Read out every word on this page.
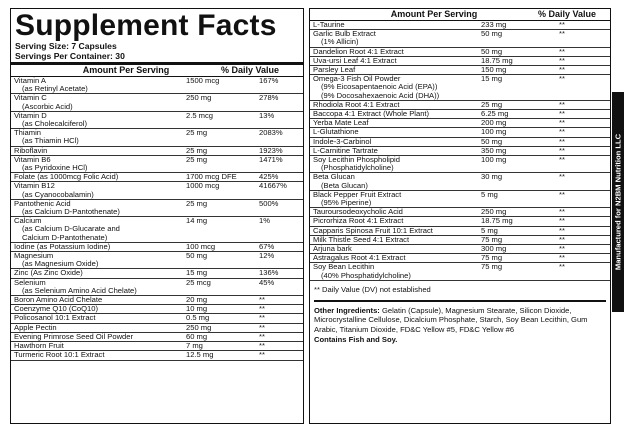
Supplement Facts
Serving Size: 7 Capsules
Servings Per Container: 30
Amount Per Serving	% Daily Value
Vitamin A
(as Retinyl Acetate)
1500 mcg	167%
Vitamin C
(Ascorbic Acid)
250 mg	278%
Vitamin D
(as Cholecalciferol)
2.5 mcg	13%
Thiamin
(as Thiamin HCl)
25 mg	2083%
Riboflavin	25 mg	1923%
Vitamin B6
(as Pyridoxine HCl)
25 mg	1471%
Folate (as 1000mcg Folic Acid)	1700 mcg DFE	425%
Vitamin B12
(as Cyanocobalamin)
1000 mcg	41667%
Pantothenic Acid
(as Calcium D-Pantothenate)
25 mg	500%
Calcium
(as Calcium D-Glucarate and
Calcium D-Pantothenate)
14 mg	1%
Iodine (as Potassium Iodine)	100 mcg	67%
Magnesium
(as Magnesium Oxide)
50 mg	12%
Zinc (As Zinc Oxide)	15 mg	136%
Selenium
(as Selenium Amino Acid Chelate)
25 mcg	45%
Boron Amino Acid Chelate	20 mg	**
Coenzyme Q10 (CoQ10)	10 mg	**
Policosanol 10:1 Extract	0.5 mg	**
Apple Pectin	250 mg	**
Evening Primrose Seed Oil Powder	60 mg	**
Hawthorn Fruit	7 mg	**
Turmeric Root 10:1 Extract	12.5 mg	**
Amount Per Serving	% Daily Value
L-Taurine	233 mg	**
Garlic Bulb Extract
(1% Allicin)
50 mg	**
Dandelion Root 4:1 Extract	50 mg	**
Uva-ursi Leaf 4:1 Extract	18.75 mg	**
Parsley Leaf	150 mg	**
Omega-3 Fish Oil Powder
(9% Eicosapentaenoic Acid (EPA))
(9% Docosahexaenoic Acid (DHA))
15 mg	**
Rhodiola Root 4:1 Extract	25 mg	**
Baccopa 4:1 Extract (Whole Plant)	6.25 mg	**
Yerba Mate Leaf	200 mg	**
L-Glutathione	100 mg	**
Indole-3-Carbinol	50 mg	**
L-Carnitine Tartrate	350 mg	**
Soy Lecithin Phospholipid
(Phosphatidylcholine)
100 mg	**
Beta Glucan
(Beta Glucan)
30 mg	**
Black Pepper Fruit Extract
(95% Piperine)
5 mg	**
Tauroursodeoxycholic Acid	250 mg	**
Picrorhiza Root 4:1 Extract	18.75 mg	**
Capparis Spinosa Fruit 10:1 Extract	5 mg	**
Milk Thistle Seed 4:1 Extract	75 mg	**
Arjuna bark	300 mg	**
Astragalus Root 4:1 Extract	75 mg	**
Soy Bean Lecithin
(40% Phosphatidylcholine)
75 mg	**
** Daily Value (DV) not established
Other Ingredients: Gelatin (Capsule), Magnesium Stearate, Silicon Dioxide, Microcrystalline Cellulose, Dicalcium Phosphate, Starch, Soy Bean Lecithin, Gum Arabic, Titanium Dioxide, FD&C Yellow #5, FD&C Yellow #6
Contains Fish and Soy.
Manufactured for N2BM Nutrition LLC
